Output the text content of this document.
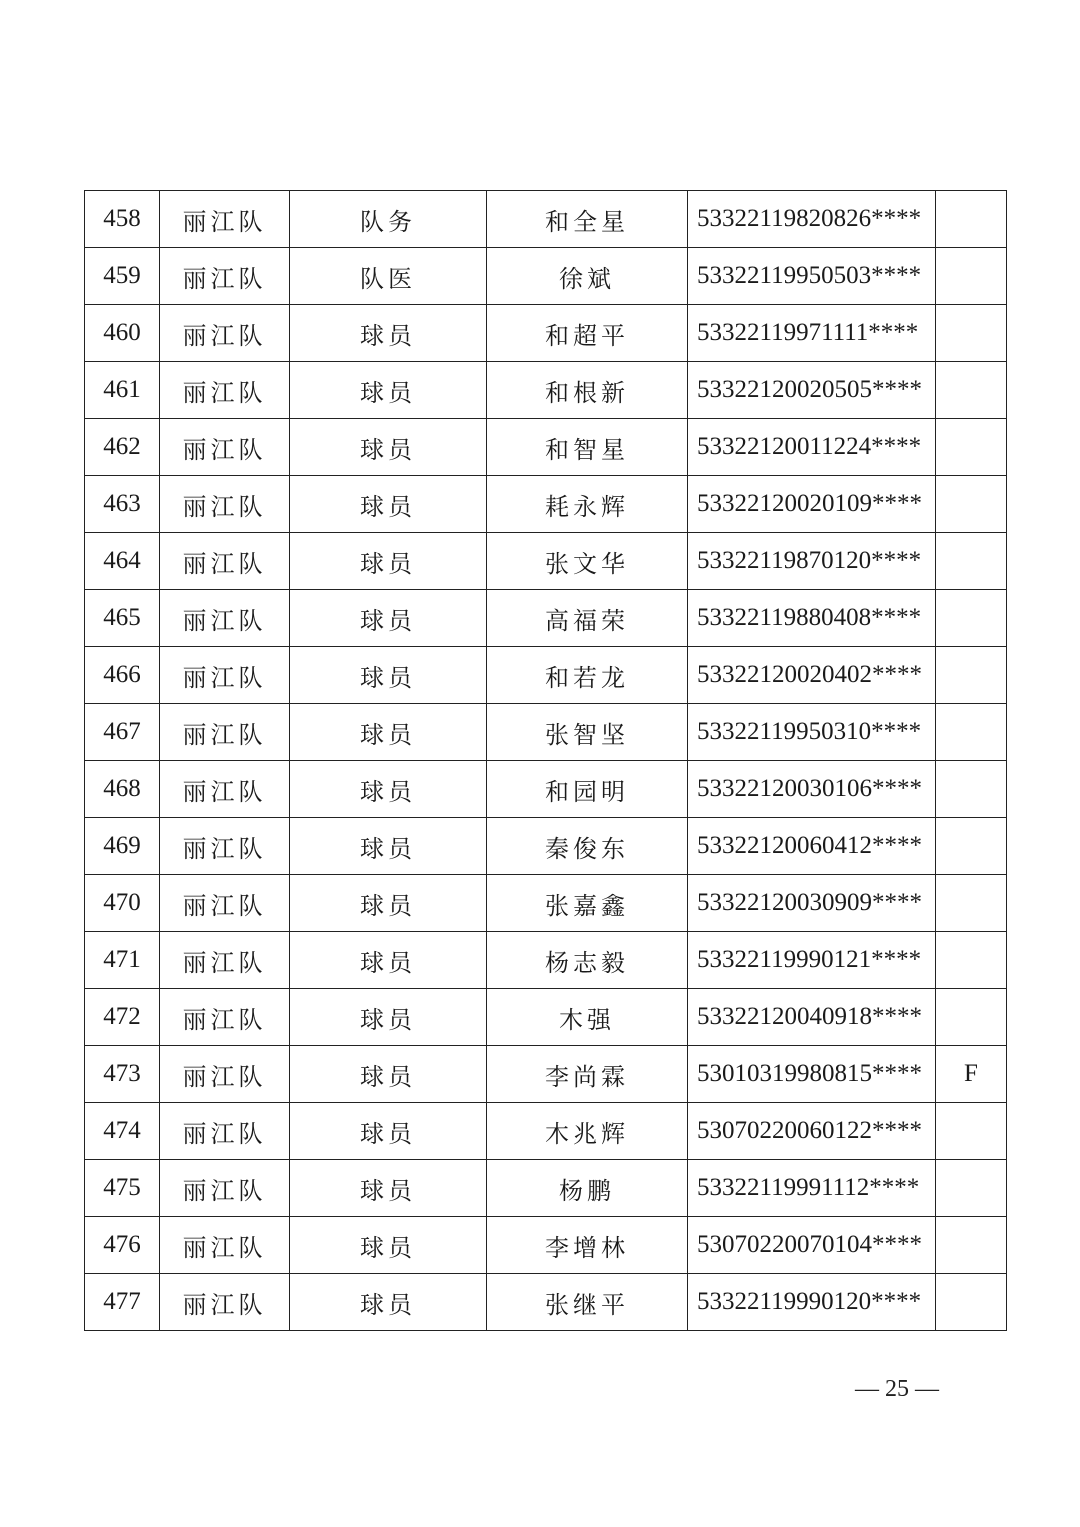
458	丽江队	队务	和全星	53322119820826****	
459	丽江队	队医	徐斌	53322119950503****	
460	丽江队	球员	和超平	53322119971111****	
461	丽江队	球员	和根新	53322120020505****	
462	丽江队	球员	和智星	53322120011224****	
463	丽江队	球员	耗永辉	53322120020109****	
464	丽江队	球员	张文华	53322119870120****	
465	丽江队	球员	高福荣	53322119880408****	
466	丽江队	球员	和若龙	53322120020402****	
467	丽江队	球员	张智坚	53322119950310****	
468	丽江队	球员	和园明	53322120030106****	
469	丽江队	球员	秦俊东	53322120060412****	
470	丽江队	球员	张嘉鑫	53322120030909****	
471	丽江队	球员	杨志毅	53322119990121****	
472	丽江队	球员	木强	53322120040918****	
473	丽江队	球员	李尚霖	53010319980815****	F
474	丽江队	球员	木兆辉	53070220060122****	
475	丽江队	球员	杨鹏	53322119991112****	
476	丽江队	球员	李增林	53070220070104****	
477	丽江队	球员	张继平	53322119990120****	
— 25 —
